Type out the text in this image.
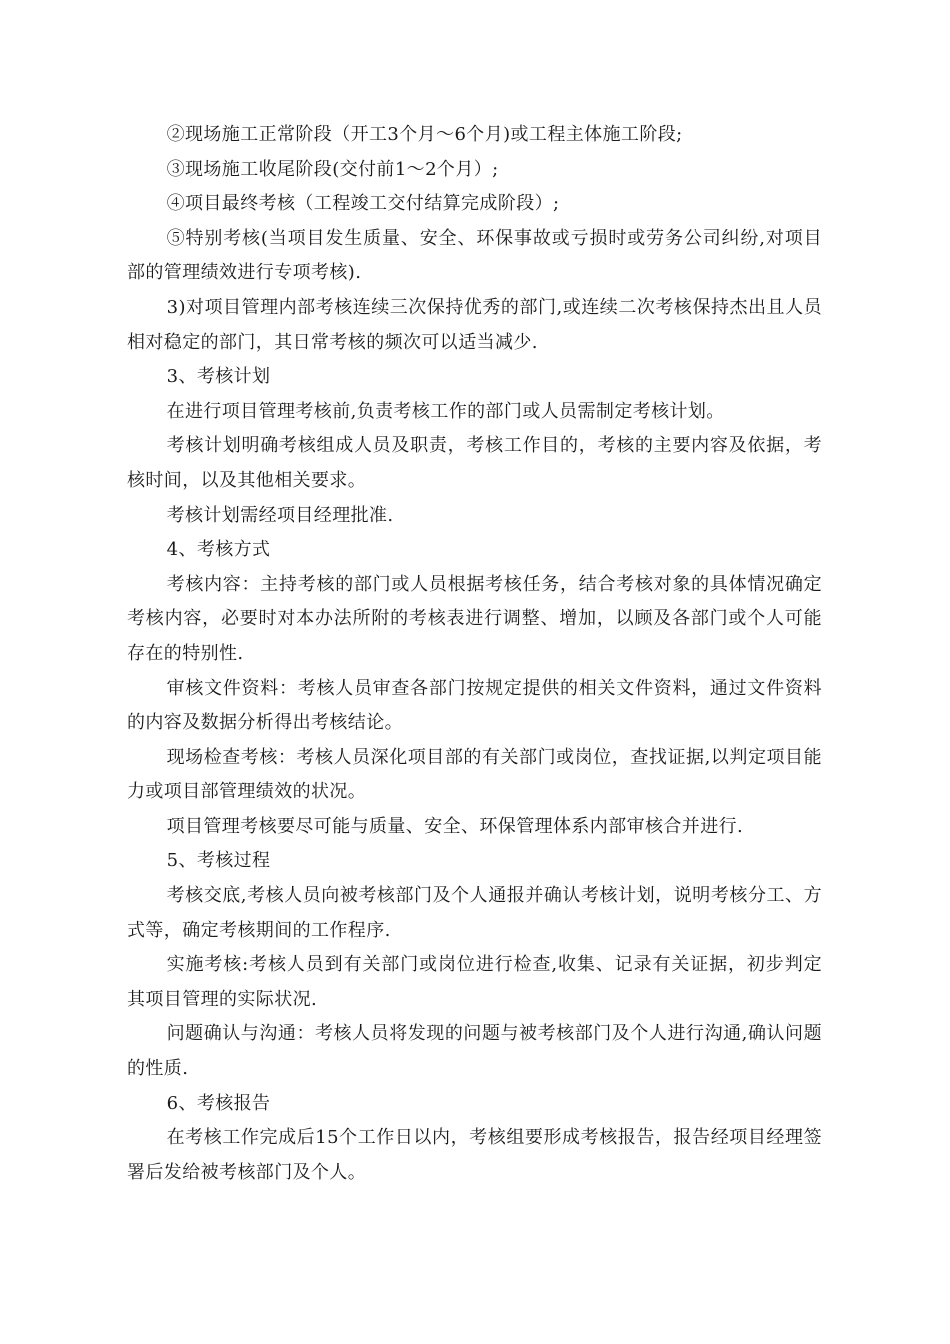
②现场施工正常阶段（开工3个月～6个月)或工程主体施工阶段;

③现场施工收尾阶段(交付前1～2个月）;

④项目最终考核（工程竣工交付结算完成阶段）;

⑤特别考核(当项目发生质量、安全、环保事故或亏损时或劳务公司纠纷,对项目部的管理绩效进行专项考核).

3)对项目管理内部考核连续三次保持优秀的部门,或连续二次考核保持杰出且人员相对稳定的部门，其日常考核的频次可以适当减少.

3、考核计划

在进行项目管理考核前,负责考核工作的部门或人员需制定考核计划。

考核计划明确考核组成人员及职责，考核工作目的，考核的主要内容及依据，考核时间，以及其他相关要求。

考核计划需经项目经理批准.

4、考核方式

考核内容：主持考核的部门或人员根据考核任务，结合考核对象的具体情况确定考核内容，必要时对本办法所附的考核表进行调整、增加，以顾及各部门或个人可能存在的特别性.

审核文件资料：考核人员审查各部门按规定提供的相关文件资料，通过文件资料的内容及数据分析得出考核结论。

现场检查考核：考核人员深化项目部的有关部门或岗位，查找证据,以判定项目能力或项目部管理绩效的状况。

项目管理考核要尽可能与质量、安全、环保管理体系内部审核合并进行.

5、考核过程

考核交底,考核人员向被考核部门及个人通报并确认考核计划，说明考核分工、方式等，确定考核期间的工作程序.

实施考核:考核人员到有关部门或岗位进行检查,收集、记录有关证据，初步判定其项目管理的实际状况.

问题确认与沟通：考核人员将发现的问题与被考核部门及个人进行沟通,确认问题的性质.

6、考核报告

在考核工作完成后15个工作日以内，考核组要形成考核报告，报告经项目经理签署后发给被考核部门及个人。
